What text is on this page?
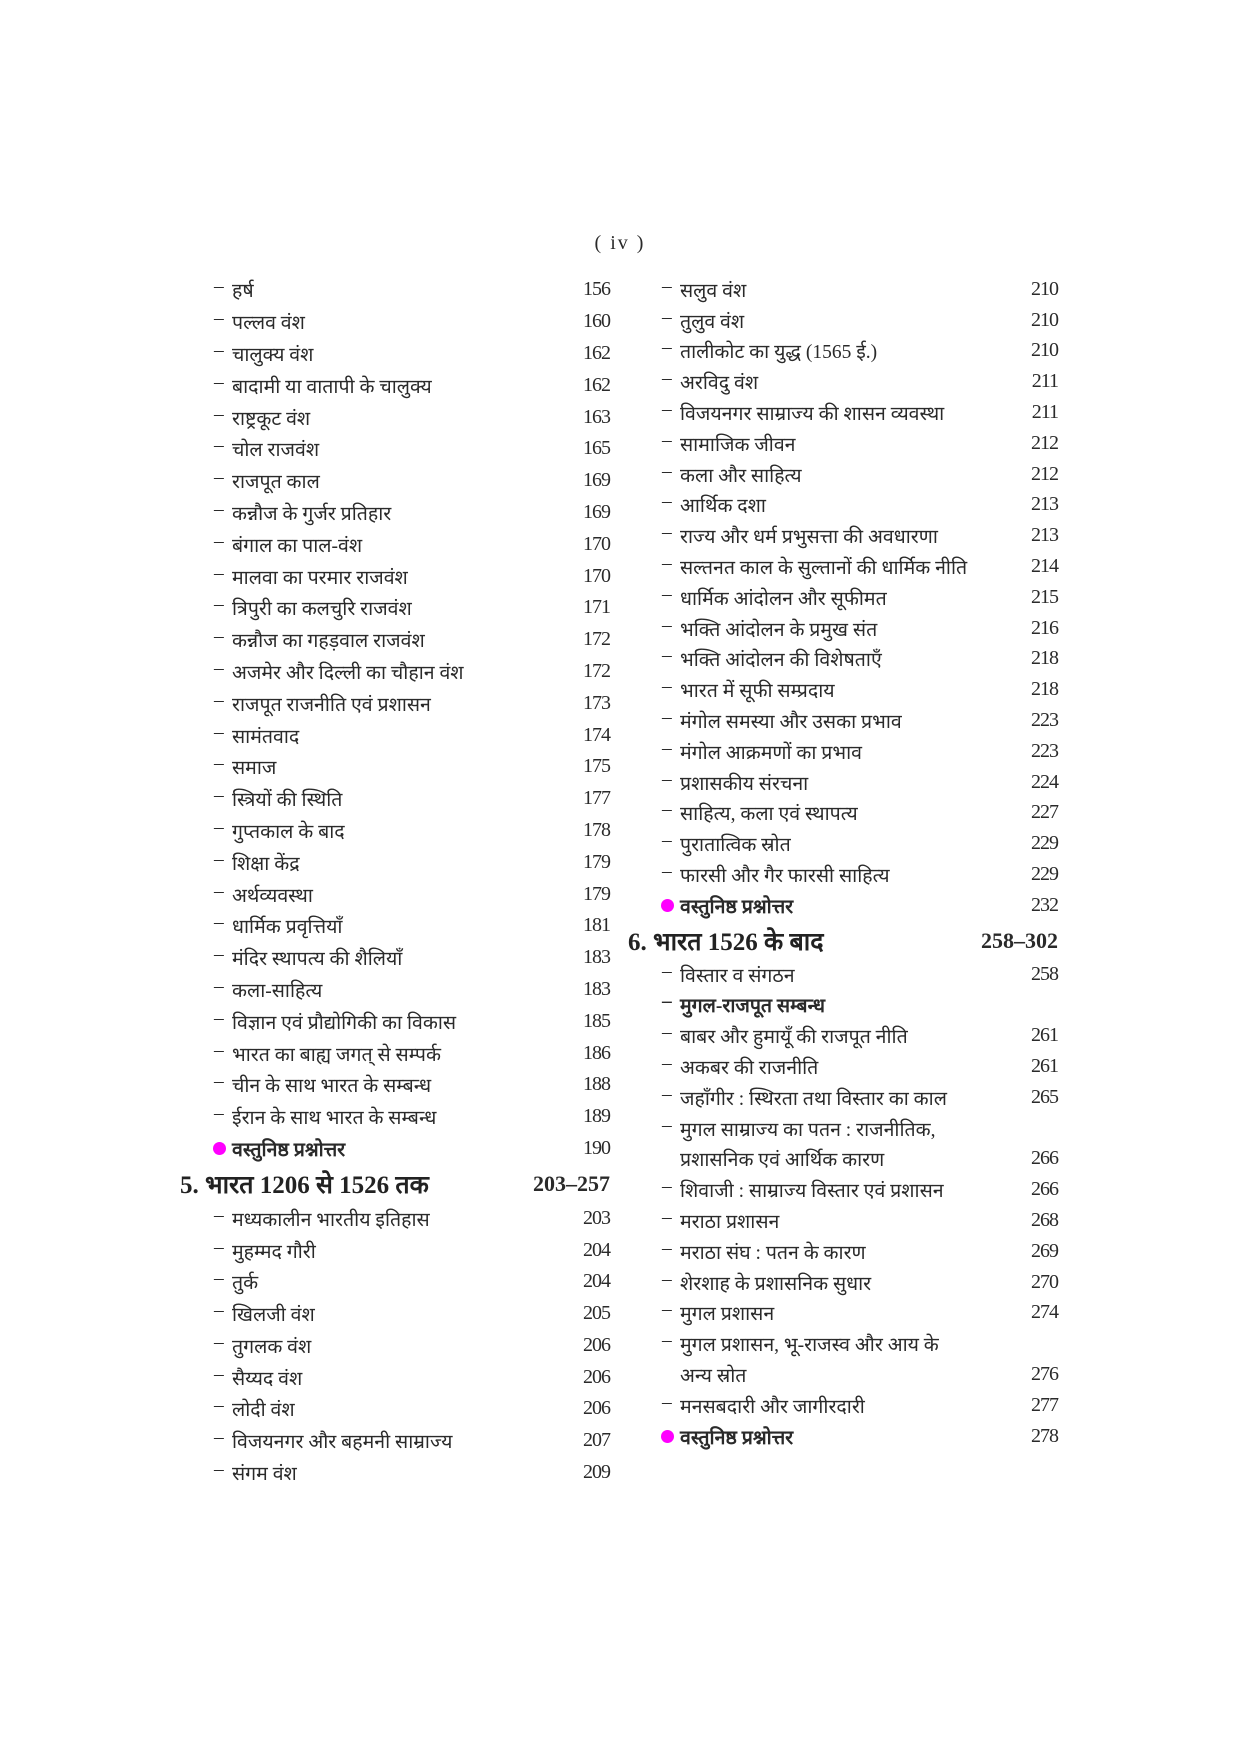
( iv )
– हर्ष	156
– पल्लव वंश	160
– चालुक्य वंश	162
– बादामी या वातापी के चालुक्य	162
– राष्ट्रकूट वंश	163
– चोल राजवंश	165
– राजपूत काल	169
– कन्नौज के गुर्जर प्रतिहार	169
– बंगाल का पाल-वंश	170
– मालवा का परमार राजवंश	170
– त्रिपुरी का कलचुरि राजवंश	171
– कन्नौज का गहड़वाल राजवंश	172
– अजमेर और दिल्ली का चौहान वंश	172
– राजपूत राजनीति एवं प्रशासन	173
– सामंतवाद	174
– समाज	175
– स्त्रियों की स्थिति	177
– गुप्तकाल के बाद	178
– शिक्षा केंद्र	179
– अर्थव्यवस्था	179
– धार्मिक प्रवृत्तियाँ	181
– मंदिर स्थापत्य की शैलियाँ	183
– कला-साहित्य	183
– विज्ञान एवं प्रौद्योगिकी का विकास	185
– भारत का बाह्य जगत् से सम्पर्क	186
– चीन के साथ भारत के सम्बन्ध	188
– ईरान के साथ भारत के सम्बन्ध	189
वस्तुनिष्ठ प्रश्नोत्तर	190
5. भारत 1206 से 1526 तक	203–257
– मध्यकालीन भारतीय इतिहास	203
– मुहम्मद गौरी	204
– तुर्क	204
– खिलजी वंश	205
– तुगलक वंश	206
– सैय्यद वंश	206
– लोदी वंश	206
– विजयनगर और बहमनी साम्राज्य	207
– संगम वंश	209
– सलुव वंश	210
– तुलुव वंश	210
– तालीकोट का युद्ध (1565 ई.)	210
– अरविदु वंश	211
– विजयनगर साम्राज्य की शासन व्यवस्था	211
– सामाजिक जीवन	212
– कला और साहित्य	212
– आर्थिक दशा	213
– राज्य और धर्म प्रभुसत्ता की अवधारणा	213
– सल्तनत काल के सुल्तानों की धार्मिक नीति	214
– धार्मिक आंदोलन और सूफीमत	215
– भक्ति आंदोलन के प्रमुख संत	216
– भक्ति आंदोलन की विशेषताएँ	218
– भारत में सूफी सम्प्रदाय	218
– मंगोल समस्या और उसका प्रभाव	223
– मंगोल आक्रमणों का प्रभाव	223
– प्रशासकीय संरचना	224
– साहित्य, कला एवं स्थापत्य	227
– पुरातात्विक स्रोत	229
– फारसी और गैर फारसी साहित्य	229
वस्तुनिष्ठ प्रश्नोत्तर	232
6. भारत 1526 के बाद	258–302
– विस्तार व संगठन	258
– मुगल-राजपूत सम्बन्ध
– बाबर और हुमायूँ की राजपूत नीति	261
– अकबर की राजनीति	261
– जहाँगीर : स्थिरता तथा विस्तार का काल	265
– मुगल साम्राज्य का पतन : राजनीतिक,
प्रशासनिक एवं आर्थिक कारण	266
– शिवाजी : साम्राज्य विस्तार एवं प्रशासन	266
– मराठा प्रशासन	268
– मराठा संघ : पतन के कारण	269
– शेरशाह के प्रशासनिक सुधार	270
– मुगल प्रशासन	274
– मुगल प्रशासन, भू-राजस्व और आय के
अन्य स्रोत	276
– मनसबदारी और जागीरदारी	277
वस्तुनिष्ठ प्रश्नोत्तर	278
